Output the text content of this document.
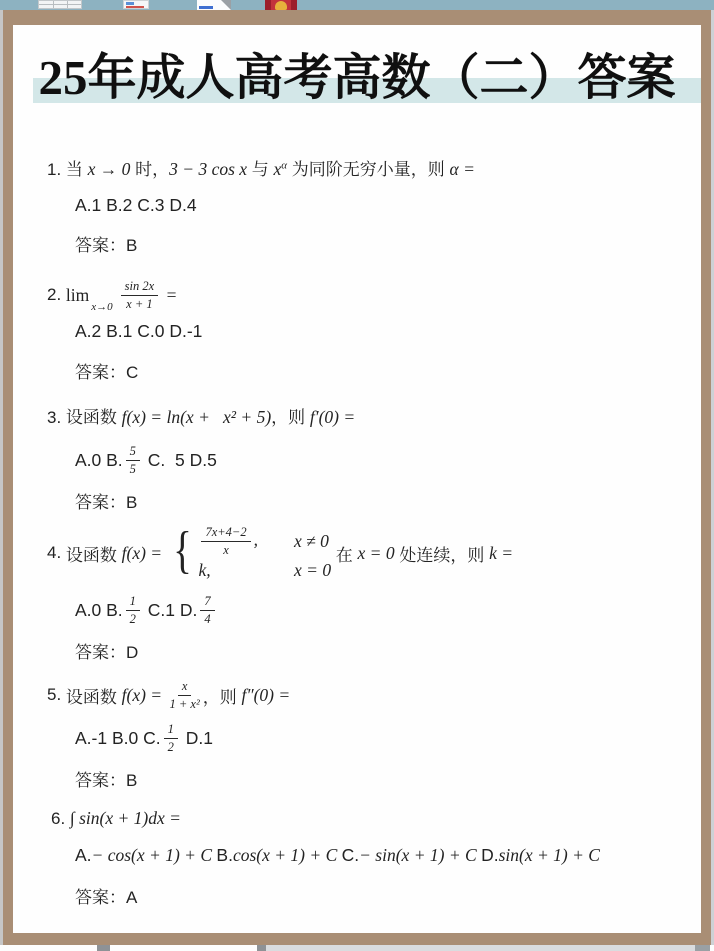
25年成人高考高数（二）答案
1. 当 x → 0 时，3 − 3 cos x 与 $x^\alpha$ 为同阶无穷小量，则 α =
A.1 B.2 C.3 D.4
答案：B
2. lim
$x\to 0 \frac{\sin 2x}{x + 1}$ =
A.2 B.1 C.0 D.-1
答案：C
3. 设函数 f(x) = ln(x +   x² + 5)，则 f′(0) =
A.0 B. $\frac{5}{5} C$.  5 D.5
答案：B
4. 设函数 f(x) = { $\frac{7x+4-2}{x}$ , x ≠ 0
k,	x = 0
在 x = 0 处连续，则 k =
A.0 B. $\frac{1}{2} C.1$ D. $\frac{7}{4}$
答案：D
5. 设函数 $f(x) = \frac{x}{\text{1 + x²}}$ ，则 f″(0) =
A.-1 B.0 C. $\frac{1}{2} D.1$
答案：B
6. ∫ sin(x + 1)dx =
A.− cos(x + 1) + C B.cos(x + 1) + C C.− sin(x + 1) + C D.sin(x + 1) + C
答案：A
